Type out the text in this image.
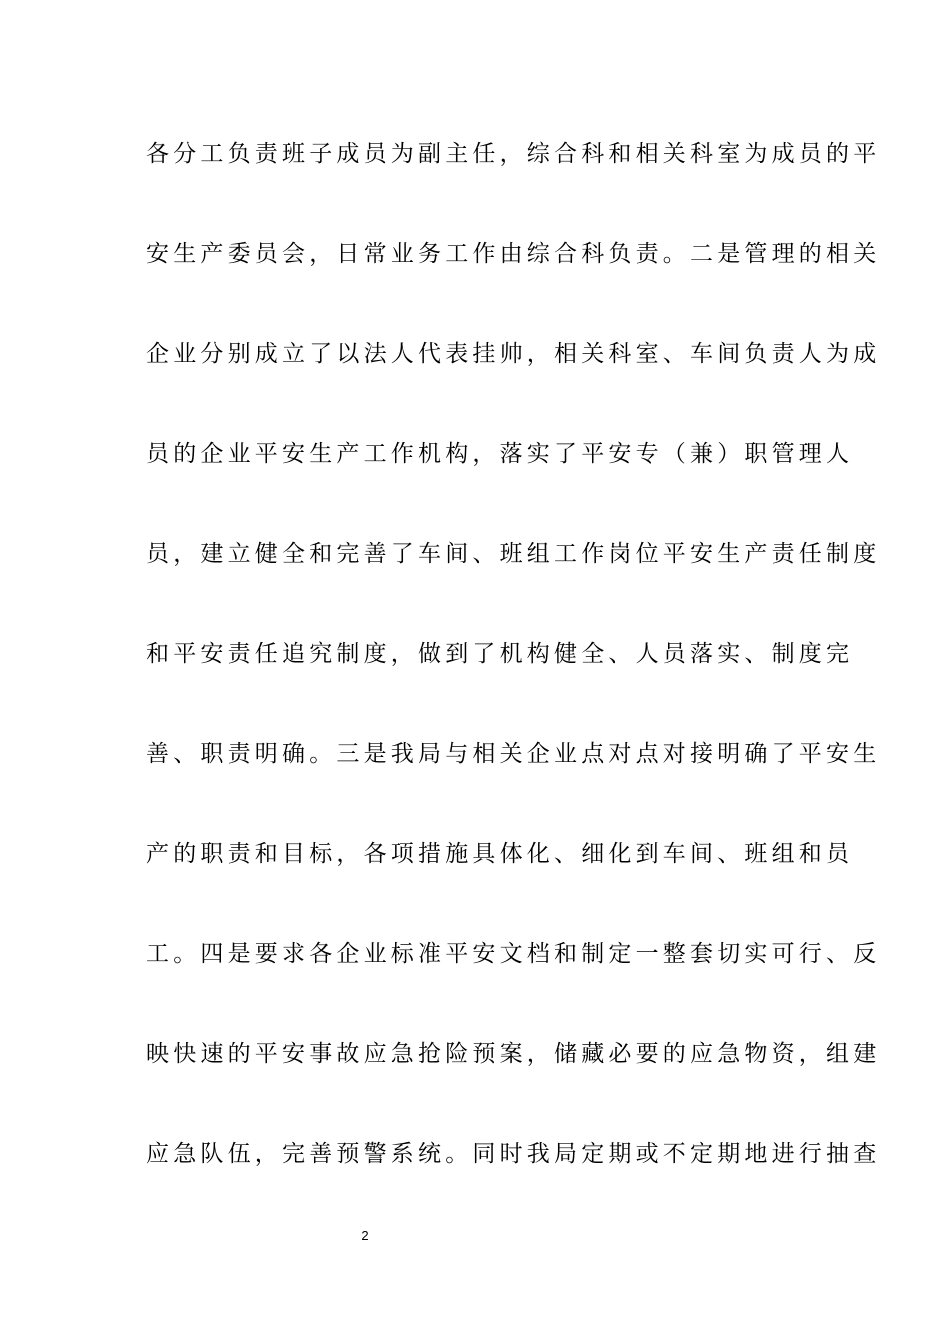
各分工负责班子成员为副主任，综合科和相关科室为成员的平
安生产委员会，日常业务工作由综合科负责。二是管理的相关
企业分别成立了以法人代表挂帅，相关科室、车间负责人为成
员的企业平安生产工作机构，落实了平安专（兼）职管理人
员，建立健全和完善了车间、班组工作岗位平安生产责任制度
和平安责任追究制度，做到了机构健全、人员落实、制度完
善、职责明确。三是我局与相关企业点对点对接明确了平安生
产的职责和目标，各项措施具体化、细化到车间、班组和员
工。四是要求各企业标准平安文档和制定一整套切实可行、反
映快速的平安事故应急抢险预案，储藏必要的应急物资，组建
应急队伍，完善预警系统。同时我局定期或不定期地进行抽查
2
